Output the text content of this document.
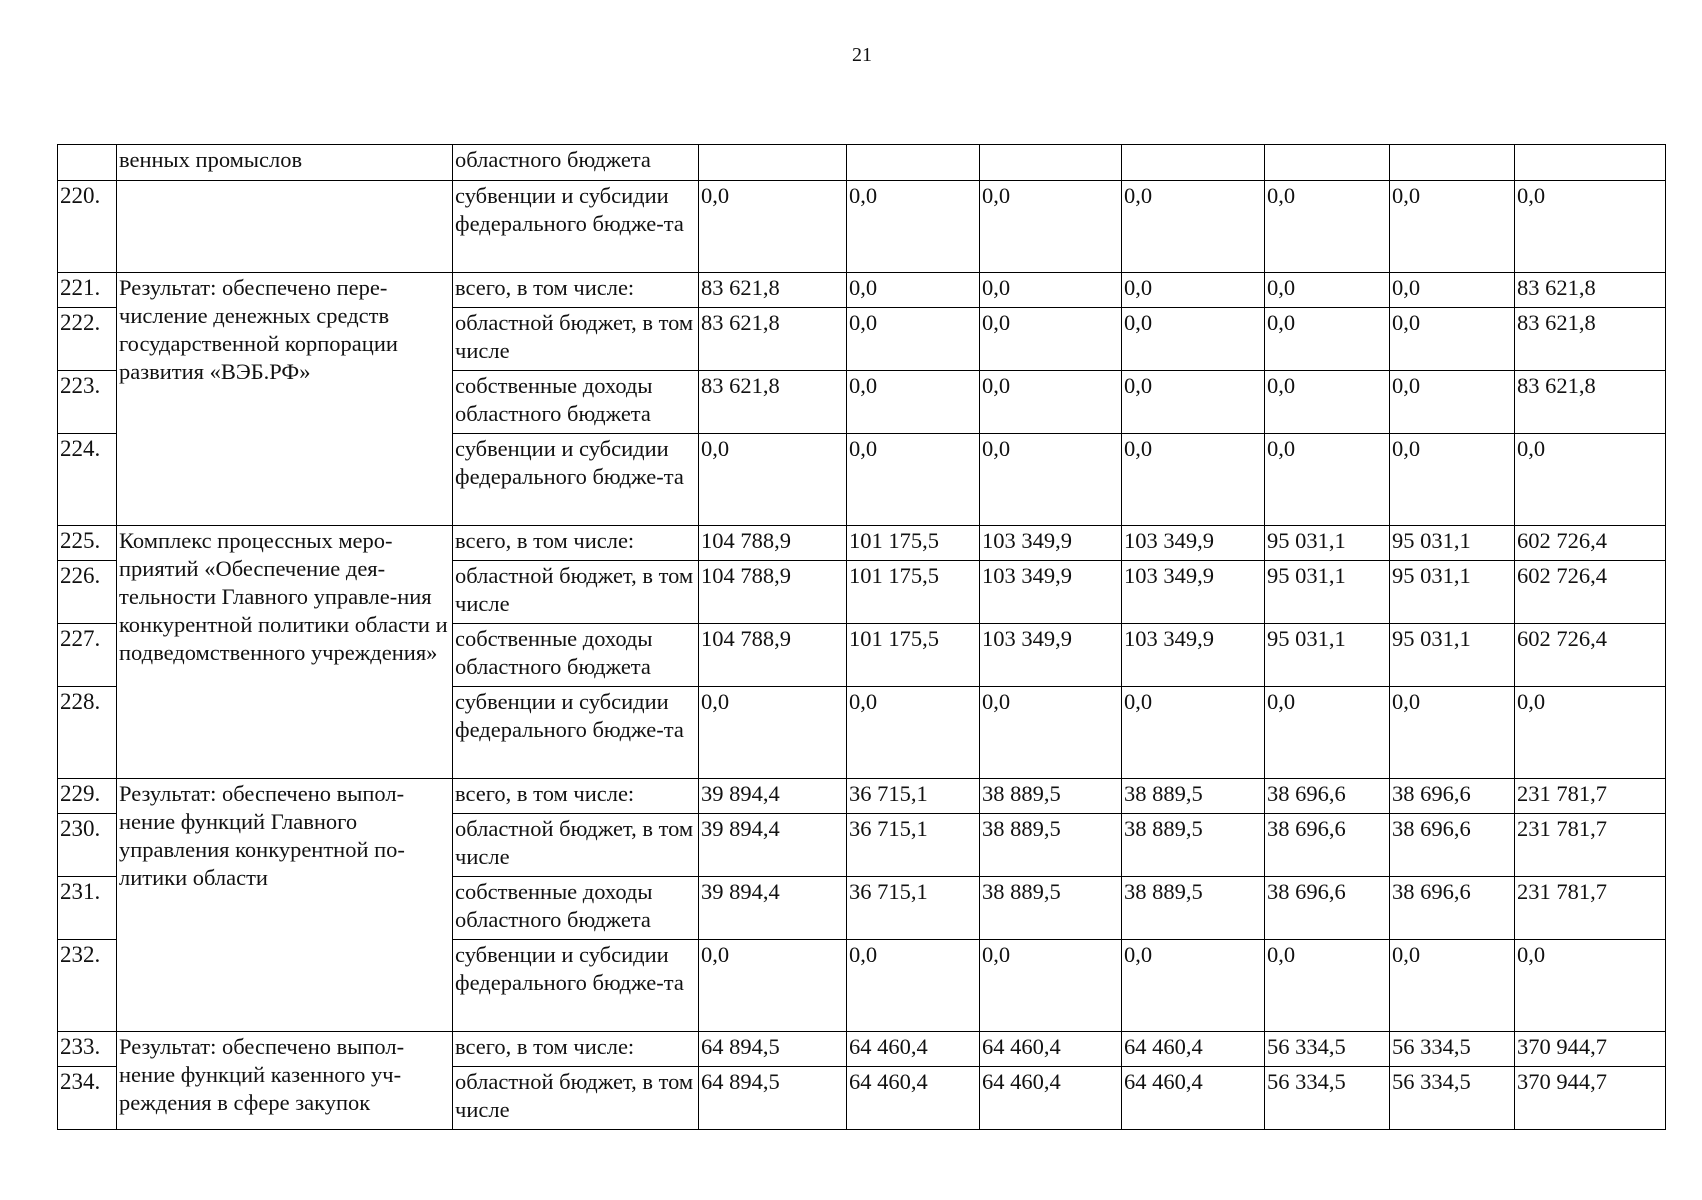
21
	венных промыслов	областного бюджета							
220.		субвенции и субсидии федерального бюдже-та	0,0	0,0	0,0	0,0	0,0	0,0	0,0
221.	Результат: обеспечено пере-числение денежных средств государственной корпорации развития «ВЭБ.РФ»	всего, в том числе:	83 621,8	0,0	0,0	0,0	0,0	0,0	83 621,8
222.		областной бюджет, в том числе	83 621,8	0,0	0,0	0,0	0,0	0,0	83 621,8
223.		собственные доходы областного бюджета	83 621,8	0,0	0,0	0,0	0,0	0,0	83 621,8
224.		субвенции и субсидии федерального бюдже-та	0,0	0,0	0,0	0,0	0,0	0,0	0,0
225.	Комплекс процессных меро-приятий «Обеспечение дея-тельности Главного управле-ния конкурентной политики области и подведомственного учреждения»	всего, в том числе:	104 788,9	101 175,5	103 349,9	103 349,9	95 031,1	95 031,1	602 726,4
226.		областной бюджет, в том числе	104 788,9	101 175,5	103 349,9	103 349,9	95 031,1	95 031,1	602 726,4
227.		собственные доходы областного бюджета	104 788,9	101 175,5	103 349,9	103 349,9	95 031,1	95 031,1	602 726,4
228.		субвенции и субсидии федерального бюдже-та	0,0	0,0	0,0	0,0	0,0	0,0	0,0
229.	Результат: обеспечено выпол-нение функций Главного управления конкурентной по-литики области	всего, в том числе:	39 894,4	36 715,1	38 889,5	38 889,5	38 696,6	38 696,6	231 781,7
230.		областной бюджет, в том числе	39 894,4	36 715,1	38 889,5	38 889,5	38 696,6	38 696,6	231 781,7
231.		собственные доходы областного бюджета	39 894,4	36 715,1	38 889,5	38 889,5	38 696,6	38 696,6	231 781,7
232.		субвенции и субсидии федерального бюдже-та	0,0	0,0	0,0	0,0	0,0	0,0	0,0
233.	Результат: обеспечено выпол-нение функций казенного уч-реждения в сфере закупок	всего, в том числе:	64 894,5	64 460,4	64 460,4	64 460,4	56 334,5	56 334,5	370 944,7
234.		областной бюджет, в том числе	64 894,5	64 460,4	64 460,4	64 460,4	56 334,5	56 334,5	370 944,7
